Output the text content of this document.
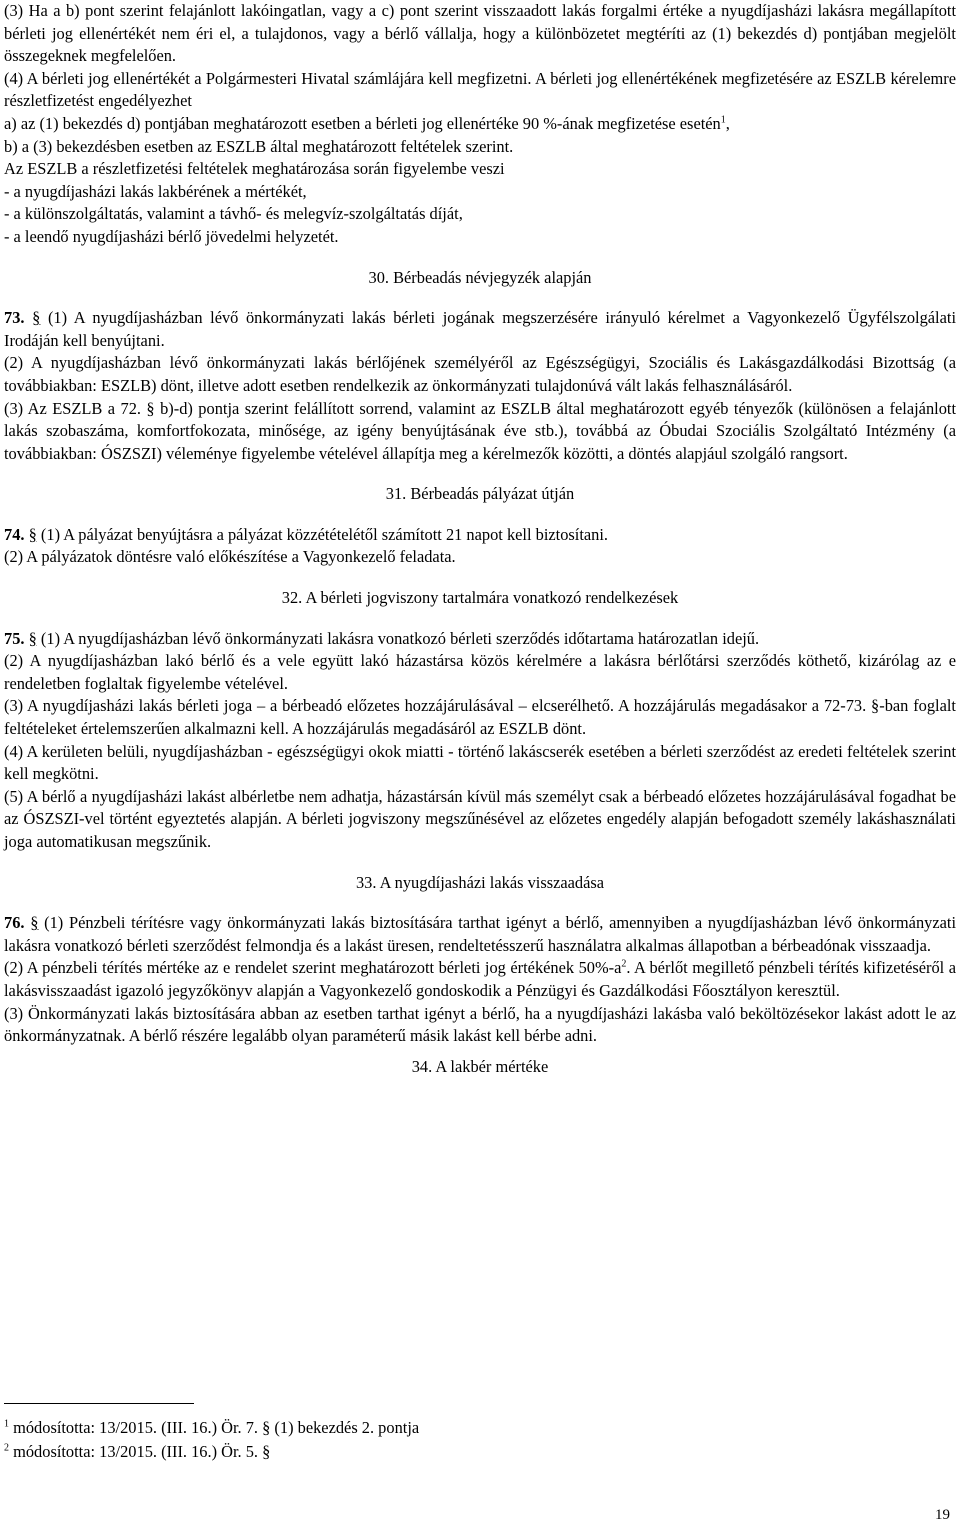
(3) Ha a b) pont szerint felajánlott lakóingatlan, vagy a c) pont szerint visszaadott lakás forgalmi értéke a nyugdíjasházi lakásra megállapított bérleti jog ellenértékét nem éri el, a tulajdonos, vagy a bérlő vállalja, hogy a különbözetet megtéríti az (1) bekezdés d) pontjában megjelölt összegeknek megfelelően.

(4) A bérleti jog ellenértékét a Polgármesteri Hivatal számlájára kell megfizetni. A bérleti jog ellenértékének megfizetésére az ESZLB kérelemre részletfizetést engedélyezhet

a) az (1) bekezdés d) pontjában meghatározott esetben a bérleti jog ellenértéke 90 %-ának megfizetése esetén$^1$,

b) a (3) bekezdésben esetben az ESZLB által meghatározott feltételek szerint.

Az ESZLB a részletfizetési feltételek meghatározása során figyelembe veszi

- a nyugdíjasházi lakás lakbérének a mértékét,

- a különszolgáltatás, valamint a távhő- és melegvíz-szolgáltatás díját,

- a leendő nyugdíjasházi bérlő jövedelmi helyzetét.

30. Bérbeadás névjegyzék alapján

73. § (1) A nyugdíjasházban lévő önkormányzati lakás bérleti jogának megszerzésére irányuló kérelmet a Vagyonkezelő Ügyfélszolgálati Irodáján kell benyújtani.

(2) A nyugdíjasházban lévő önkormányzati lakás bérlőjének személyéről az Egészségügyi, Szociális és Lakásgazdálkodási Bizottság (a továbbiakban: ESZLB) dönt, illetve adott esetben rendelkezik az önkormányzati tulajdonúvá vált lakás felhasználásáról.

(3) Az ESZLB a 72. § b)-d) pontja szerint felállított sorrend, valamint az ESZLB által meghatározott egyéb tényezők (különösen a felajánlott lakás szobaszáma, komfortfokozata, minősége, az igény benyújtásának éve stb.), továbbá az Óbudai Szociális Szolgáltató Intézmény (a továbbiakban: ÓSZSZI) véleménye figyelembe vételével állapítja meg a kérelmezők közötti, a döntés alapjául szolgáló rangsort.

31. Bérbeadás pályázat útján

74. § (1) A pályázat benyújtásra a pályázat közzétételétől számított 21 napot kell biztosítani.

(2) A pályázatok döntésre való előkészítése a Vagyonkezelő feladata.

32. A bérleti jogviszony tartalmára vonatkozó rendelkezések

75. § (1) A nyugdíjasházban lévő önkormányzati lakásra vonatkozó bérleti szerződés időtartama határozatlan idejű.

(2) A nyugdíjasházban lakó bérlő és a vele együtt lakó házastársa közös kérelmére a lakásra bérlőtársi szerződés köthető, kizárólag az e rendeletben foglaltak figyelembe vételével.

(3) A nyugdíjasházi lakás bérleti joga – a bérbeadó előzetes hozzájárulásával – elcserélhető. A hozzájárulás megadásakor a 72-73. §-ban foglalt feltételeket értelemszerűen alkalmazni kell. A hozzájárulás megadásáról az ESZLB dönt.

(4) A kerületen belüli, nyugdíjasházban - egészségügyi okok miatti - történő lakáscserék esetében a bérleti szerződést az eredeti feltételek szerint kell megkötni.

(5) A bérlő a nyugdíjasházi lakást albérletbe nem adhatja, házastársán kívül más személyt csak a bérbeadó előzetes hozzájárulásával fogadhat be az ÓSZSZI-vel történt egyeztetés alapján. A bérleti jogviszony megszűnésével az előzetes engedély alapján befogadott személy lakáshasználati joga automatikusan megszűnik.

33. A nyugdíjasházi lakás visszaadása

76. § (1) Pénzbeli térítésre vagy önkormányzati lakás biztosítására tarthat igényt a bérlő, amennyiben a nyugdíjasházban lévő önkormányzati lakásra vonatkozó bérleti szerződést felmondja és a lakást üresen, rendeltetésszerű használatra alkalmas állapotban a bérbeadónak visszaadja.

(2) A pénzbeli térítés mértéke az e rendelet szerint meghatározott bérleti jog értékének $50\%-a^2$. A bérlőt megillető pénzbeli térítés kifizetéséről a lakásvisszaadást igazoló jegyzőkönyv alapján a Vagyonkezelő gondoskodik a Pénzügyi és Gazdálkodási Főosztályon keresztül.

(3) Önkormányzati lakás biztosítására abban az esetben tarthat igényt a bérlő, ha a nyugdíjasházi lakásba való beköltözésekor lakást adott le az önkormányzatnak. A bérlő részére legalább olyan paraméterű másik lakást kell bérbe adni.

34. A lakbér mértéke

$^1$ módosította: 13/2015. (III. 16.) Ör. 7. § (1) bekezdés 2. pontja

$^2$ módosította: 13/2015. (III. 16.) Ör. 5. §

19
